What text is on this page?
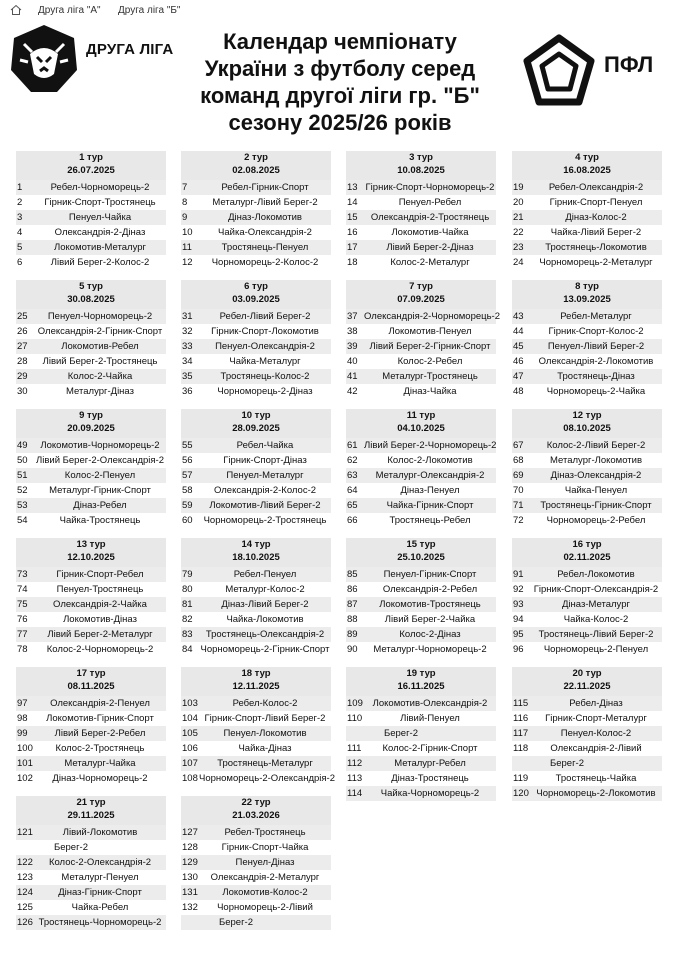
Друга ліга "А" Друга ліга "Б"
ДРУГА ЛІГА	Календар чемпіонату
України з футболу серед
команд другої ліги гр. "Б"
сезону 2025/26 років
ПФЛ
1 тур
26.07.2025
1	Ребел-Чорноморець-2
2	Гірник-Спорт-Тростянець
3	Пенуел-Чайка
4	Олександрія-2-Дiназ
5	Локомотив-Металург
6	Лівий Берег-2-Колос-2
2 тур
02.08.2025
7	Ребел-Гірник-Спорт
8	Металург-Лівий Берег-2
9	Дiназ-Локомотив
10	Чайка-Олександрія-2
11	Тростянець-Пенуел
12	Чорноморець-2-Колос-2
3 тур
10.08.2025
13 Гірник-Спорт-Чорноморець-2
14	Пенуел-Ребел
15	Олександрія-2-Тростянець
16	Локомотив-Чайка
17	Лівий Берег-2-Дiназ
18	Колос-2-Металург
4 тур
16.08.2025
19	Ребел-Олександрія-2
20	Гірник-Спорт-Пенуел
21	Дiназ-Колос-2
22	Чайка-Лівий Берег-2
23	Тростянець-Локомотив
24	Чорноморець-2-Металург
5 тур
30.08.2025
25	Пенуел-Чорноморець-2
26	Олександрія-2-Гірник-Спорт
27	Локомотив-Ребел
28	Лівий Берег-2-Тростянець
29	Колос-2-Чайка
30	Металург-Дiназ
6 тур
03.09.2025
31	Ребел-Лівий Берег-2
32	Гірник-Спорт-Локомотив
33	Пенуел-Олександрія-2
34	Чайка-Металург
35	Тростянець-Колос-2
36	Чорноморець-2-Дiназ
7 тур
07.09.2025
37 Олександрія-2-Чорноморець-2
38	Локомотив-Пенуел
39	Лівий Берег-2-Гірник-Спорт
40	Колос-2-Ребел
41	Металург-Тростянець
42	Дiназ-Чайка
8 тур
13.09.2025
43	Ребел-Металург
44	Гірник-Спорт-Колос-2
45	Пенуел-Лівий Берег-2
46	Олександрія-2-Локомотив
47	Тростянець-Дiназ
48	Чорноморець-2-Чайка
9 тур
20.09.2025
49	Локомотив-Чорноморець-2
50 Лівий Берег-2-Олександрія-2
51	Колос-2-Пенуел
52	Металург-Гірник-Спорт
53	Дiназ-Ребел
54	Чайка-Тростянець
10 тур
28.09.2025
55	Ребел-Чайка
56	Гірник-Спорт-Дiназ
57	Пенуел-Металург
58	Олександрія-2-Колос-2
59	Локомотив-Лівий Берег-2
60	Чорноморець-2-Тростянець
11 тур
04.10.2025
61 Лівий Берег-2-Чорноморець-2
62	Колос-2-Локомотив
63	Металург-Олександрія-2
64	Дiназ-Пенуел
65	Чайка-Гірник-Спорт
66	Тростянець-Ребел
12 тур
08.10.2025
67	Колос-2-Лівий Берег-2
68	Металург-Локомотив
69	Дiназ-Олександрія-2
70	Чайка-Пенуел
71	Тростянець-Гірник-Спорт
72	Чорноморець-2-Ребел
13 тур
12.10.2025
73	Гірник-Спорт-Ребел
74	Пенуел-Тростянець
75	Олександрія-2-Чайка
76	Локомотив-Дiназ
77	Лівий Берег-2-Металург
78	Колос-2-Чорноморець-2
14 тур
18.10.2025
79	Ребел-Пенуел
80	Металург-Колос-2
81	Дiназ-Лівий Берег-2
82	Чайка-Локомотив
83	Тростянець-Олександрія-2
84 Чорноморець-2-Гірник-Спорт
15 тур
25.10.2025
85	Пенуел-Гірник-Спорт
86	Олександрія-2-Ребел
87	Локомотив-Тростянець
88	Лівий Берег-2-Чайка
89	Колос-2-Дiназ
90	Металург-Чорноморець-2
16 тур
02.11.2025
91	Ребел-Локомотив
92	Гірник-Спорт-Олександрія-2
93	Дiназ-Металург
94	Чайка-Колос-2
95	Тростянець-Лівий Берег-2
96	Чорноморець-2-Пенуел
17 тур
08.11.2025
97	Олександрія-2-Пенуел
98	Локомотив-Гірник-Спорт
99	Лівий Берег-2-Ребел
100	Колос-2-Тростянець
101	Металург-Чайка
102	Дiназ-Чорноморець-2
18 тур
12.11.2025
103	Ребел-Колос-2
104 Гірник-Спорт-Лівий Берег-2
105	Пенуел-Локомотив
106	Чайка-Дiназ
107	Тростянець-Металург
108 Чорноморець-2-Олександрія-2
19 тур
16.11.2025
109	Локомотив-Олександрія-2
110	Лівий-Пенуел
Берег-2
111	Колос-2-Гірник-Спорт
112	Металург-Ребел
113	Дiназ-Тростянець
114	Чайка-Чорноморець-2
20 тур
22.11.2025
115	Ребел-Дiназ
116	Гірник-Спорт-Металург
117	Пенуел-Колос-2
118	Олександрія-2-Лівий
Берег-2
119	Тростянець-Чайка
120 Чорноморець-2-Локомотив
21 тур
29.11.2025
121	Лівий-Локомотив
Берег-2
122	Колос-2-Олександрія-2
123	Металург-Пенуел
124	Дiназ-Гірник-Спорт
125	Чайка-Ребел
126 Тростянець-Чорноморець-2
22 тур
21.03.2026
127	Ребел-Тростянець
128	Гірник-Спорт-Чайка
129	Пенуел-Дiназ
130	Олександрія-2-Металург
131	Локомотив-Колос-2
132	Чорноморець-2-Лівий
Берег-2
